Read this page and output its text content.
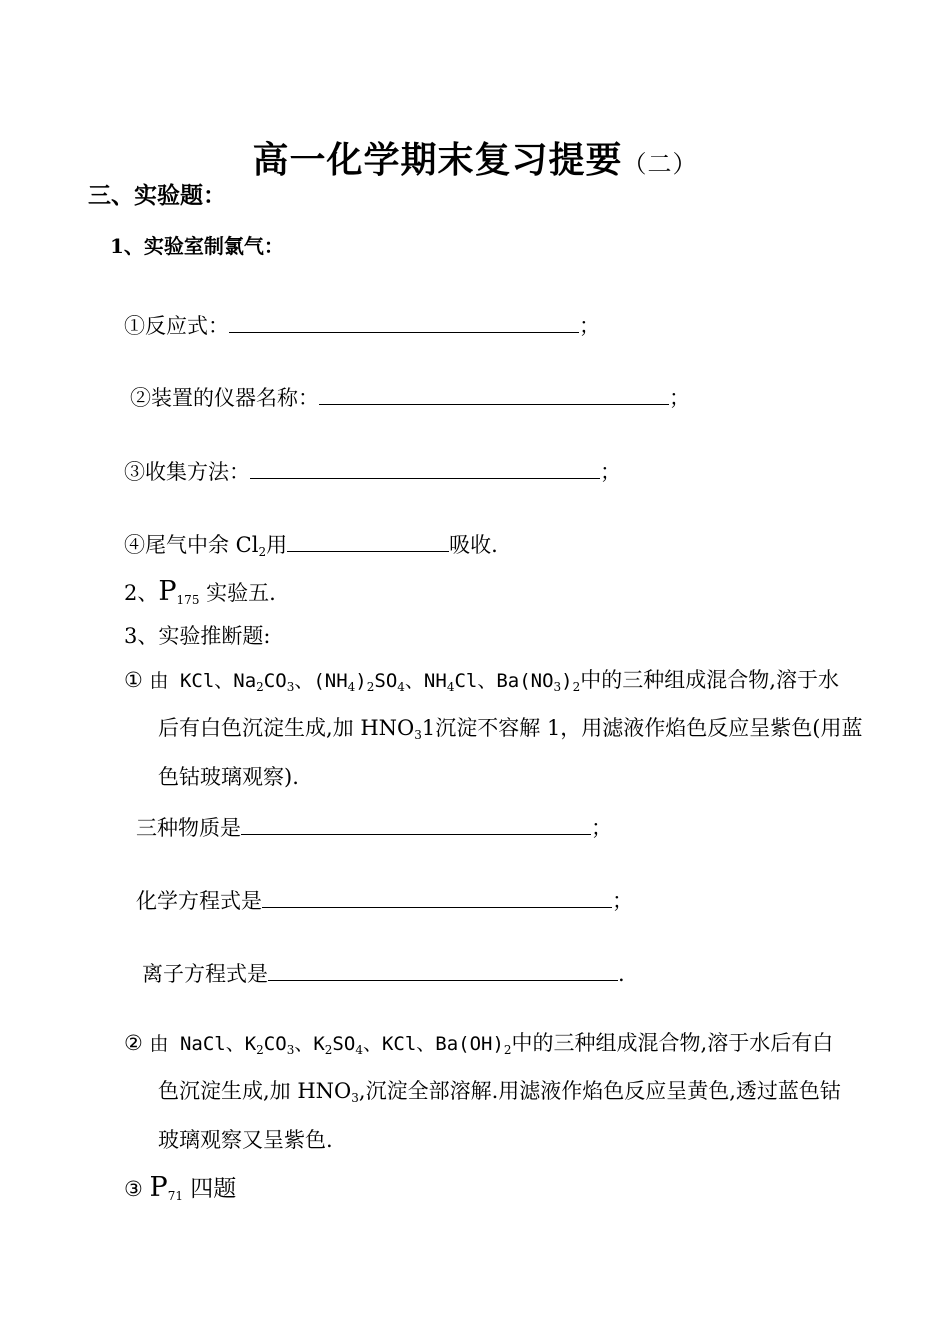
高一化学期末复习提要（二）
三、实验题：
1、实验室制氯气：
①反应式：	；
②装置的仪器名称：	；
③收集方法：	；
④尾气中余 Cl2用	吸收.
2、P175 实验五.
3、实验推断题:
① 由 KCl、Na2CO3、(NH4)2SO4、NH4Cl、Ba(NO3)2中的三种组成混合物,溶于水
后有白色沉淀生成,加 HNO31沉淀不容解 1，用滤液作焰色反应呈紫色(用蓝
色钴玻璃观察).
三种物质是	；
化学方程式是	；
离子方程式是	.
② 由 NaCl、K2CO3、K2SO4、KCl、Ba(OH)2中的三种组成混合物,溶于水后有白
色沉淀生成,加 HNO3,沉淀全部溶解.用滤液作焰色反应呈黄色,透过蓝色钴
玻璃观察又呈紫色.
③ P71 四题
